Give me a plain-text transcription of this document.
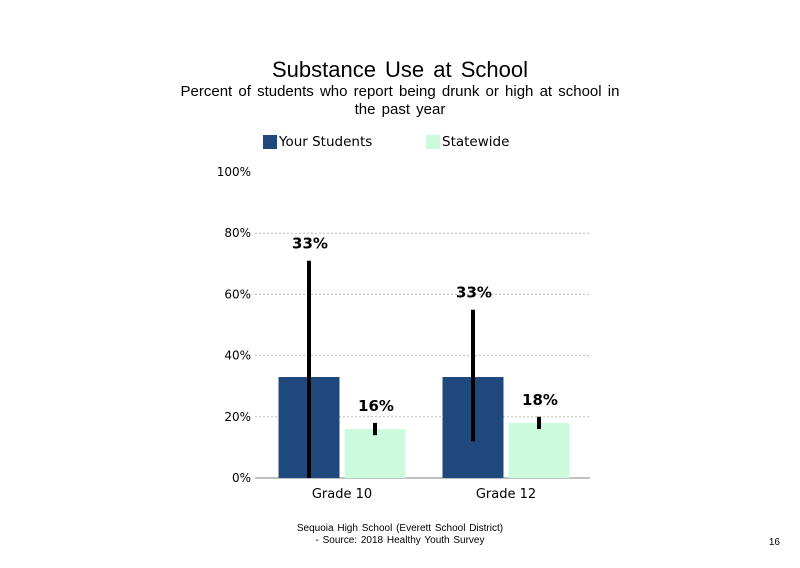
Substance Use at School
Percent of students who report being drunk or high at school in the past year
Your Students	Statewide
0%
20%
40%
60%
80%
100%
33%
16%
Grade 10
33%
18%
Grade 12
Sequoia High School (Everett School District)
- Source: 2018 Healthy Youth Survey	16
